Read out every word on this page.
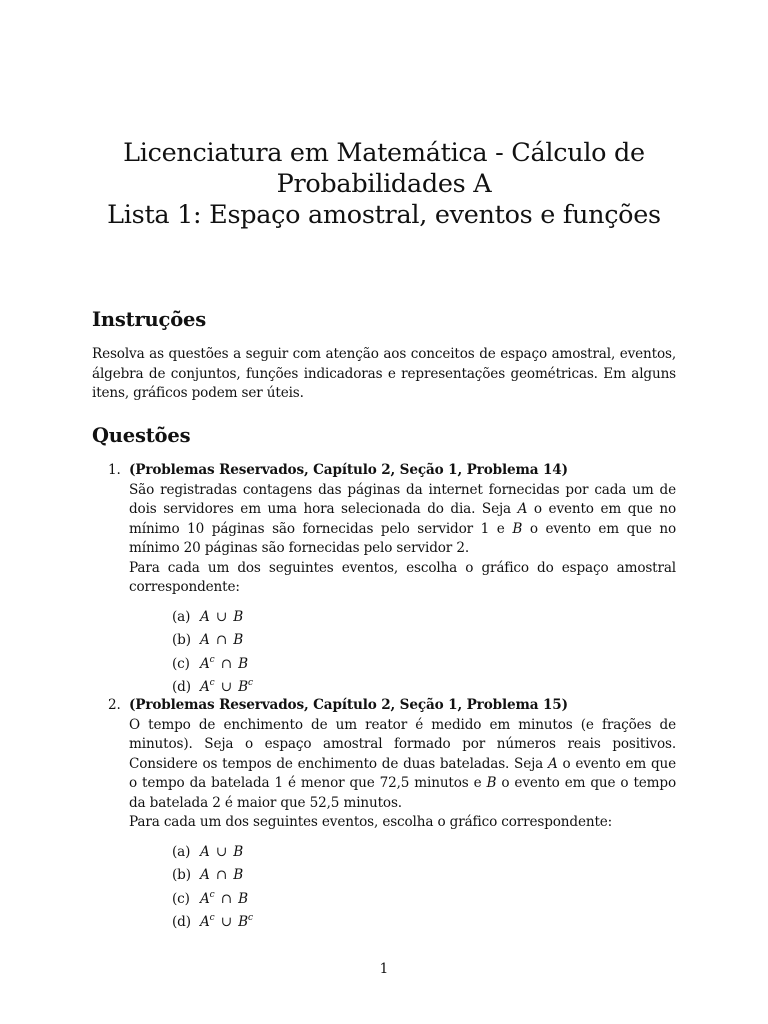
Licenciatura em Matemática - Cálculo de
Probabilidades A
Lista 1: Espaço amostral, eventos e funções
Instruções
Resolva as questões a seguir com atenção aos conceitos de espaço amostral, eventos, álgebra de conjuntos, funções indicadoras e representações geométricas. Em alguns itens, gráficos podem ser úteis.
Questões
1. (Problemas Reservados, Capítulo 2, Seção 1, Problema 14)
São registradas contagens das páginas da internet fornecidas por cada um de dois servidores em uma hora selecionada do dia. Seja A o evento em que no mínimo 10 páginas são fornecidas pelo servidor 1 e B o evento em que no mínimo 20 páginas são fornecidas pelo servidor 2.
Para cada um dos seguintes eventos, escolha o gráfico do espaço amostral correspondente:
(a) A ∪ B
(b) A ∩ B
(c) $A^c$ ∩ B
(d) $A^c$ ∪ $B^c$
2. (Problemas Reservados, Capítulo 2, Seção 1, Problema 15)
O tempo de enchimento de um reator é medido em minutos (e frações de minutos). Seja o espaço amostral formado por números reais positivos. Considere os tempos de enchimento de duas bateladas. Seja A o evento em que o tempo da batelada 1 é menor que 72,5 minutos e B o evento em que o tempo da batelada 2 é maior que 52,5 minutos.
Para cada um dos seguintes eventos, escolha o gráfico correspondente:
(a) A ∪ B
(b) A ∩ B
(c) $A^c$ ∩ B
(d) $A^c$ ∪ $B^c$
1
